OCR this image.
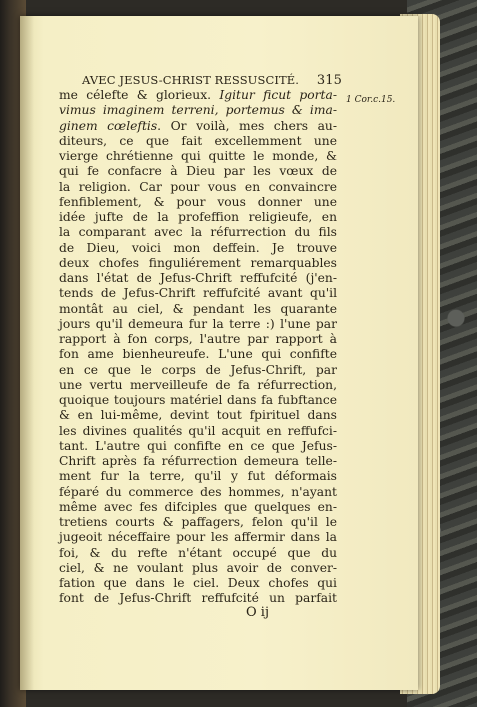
AVEC JESUS-CHRIST RESSUSCITÉ. 315
1 Cor.c.15.
me célefte & glorieux. Igitur ficut porta-
vimus imaginem terreni, portemus & ima-
ginem cœleftis. Or voilà, mes chers au-
diteurs, ce que fait excellemment une
vierge chrétienne qui quitte le monde, &
qui fe confacre à Dieu par les vœux de
la religion. Car pour vous en convaincre
fenfiblement, & pour vous donner une
idée jufte de la profeffion religieufe, en
la comparant avec la réfurrection du fils
de Dieu, voici mon deffein. Je trouve
deux chofes finguliérement remarquables
dans l'état de Jefus-Chrift reffufcité (j'en-
tends de Jefus-Chrift reffufcité avant qu'il
montât au ciel, & pendant les quarante
jours qu'il demeura fur la terre :) l'une par
rapport à fon corps, l'autre par rapport à
fon ame bienheureufe. L'une qui confifte
en ce que le corps de Jefus-Chrift, par
une vertu merveilleufe de fa réfurrection,
quoique toujours matériel dans fa fubftance
& en lui-même, devint tout fpirituel dans
les divines qualités qu'il acquit en reffufci-
tant. L'autre qui confifte en ce que Jefus-
Chrift après fa réfurrection demeura telle-
ment fur la terre, qu'il y fut déformais
féparé du commerce des hommes, n'ayant
même avec fes difciples que quelques en-
tretiens courts & paffagers, felon qu'il le
jugeoit néceffaire pour les affermir dans la
foi, & du refte n'étant occupé que du
ciel, & ne voulant plus avoir de conver-
fation que dans le ciel. Deux chofes qui
font de Jefus-Chrift reffufcité un parfait
O ij
